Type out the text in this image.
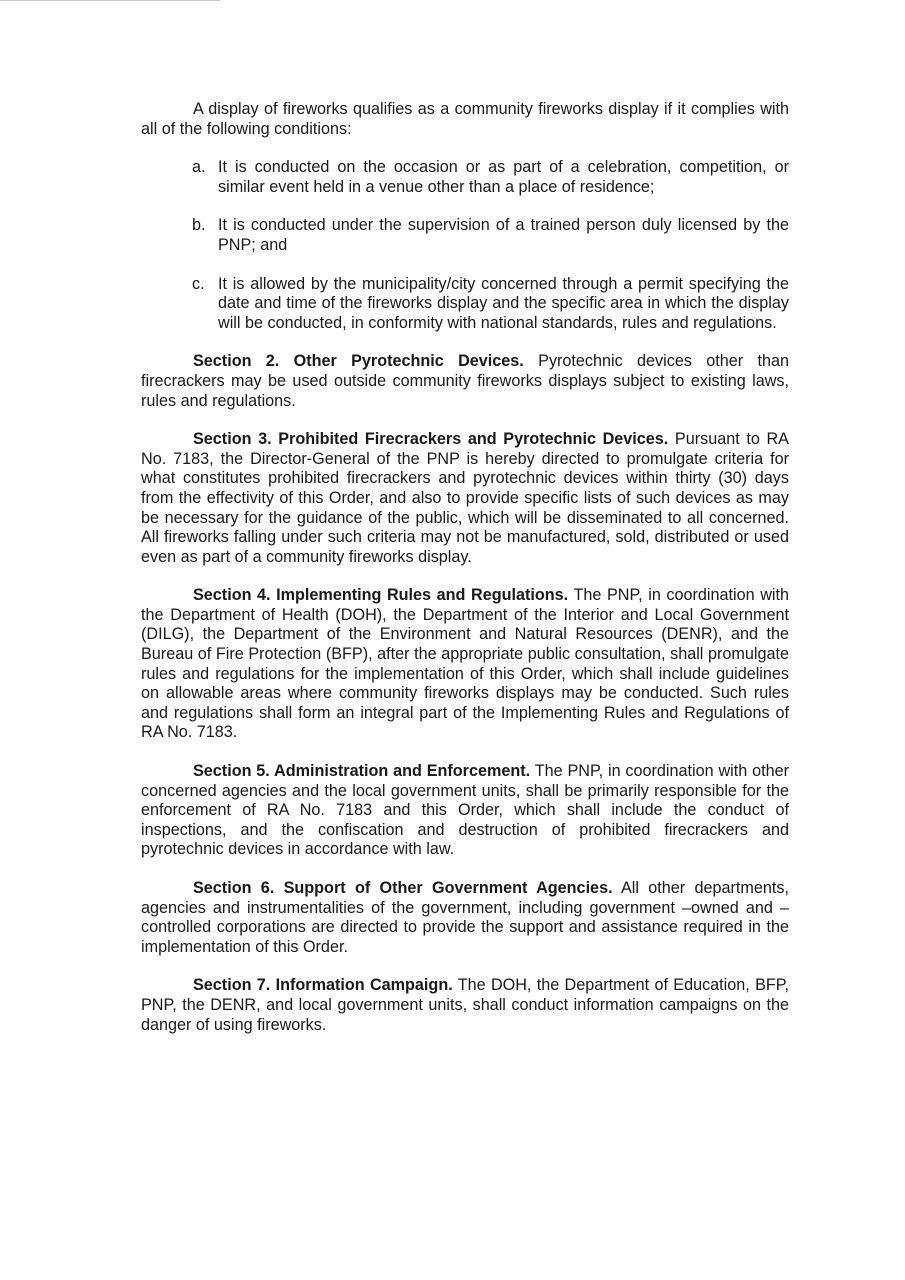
A display of fireworks qualifies as a community fireworks display if it complies with all of the following conditions:

a. It is conducted on the occasion or as part of a celebration, competition, or similar event held in a venue other than a place of residence;
b. It is conducted under the supervision of a trained person duly licensed by the PNP; and
c. It is allowed by the municipality/city concerned through a permit specifying the date and time of the fireworks display and the specific area in which the display will be conducted, in conformity with national standards, rules and regulations.

Section 2. Other Pyrotechnic Devices. Pyrotechnic devices other than firecrackers may be used outside community fireworks displays subject to existing laws, rules and regulations.

Section 3. Prohibited Firecrackers and Pyrotechnic Devices. Pursuant to RA No. 7183, the Director-General of the PNP is hereby directed to promulgate criteria for what constitutes prohibited firecrackers and pyrotechnic devices within thirty (30) days from the effectivity of this Order, and also to provide specific lists of such devices as may be necessary for the guidance of the public, which will be disseminated to all concerned. All fireworks falling under such criteria may not be manufactured, sold, distributed or used even as part of a community fireworks display.

Section 4. Implementing Rules and Regulations. The PNP, in coordination with the Department of Health (DOH), the Department of the Interior and Local Government (DILG), the Department of the Environment and Natural Resources (DENR), and the Bureau of Fire Protection (BFP), after the appropriate public consultation, shall promulgate rules and regulations for the implementation of this Order, which shall include guidelines on allowable areas where community fireworks displays may be conducted. Such rules and regulations shall form an integral part of the Implementing Rules and Regulations of RA No. 7183.

Section 5. Administration and Enforcement. The PNP, in coordination with other concerned agencies and the local government units, shall be primarily responsible for the enforcement of RA No. 7183 and this Order, which shall include the conduct of inspections, and the confiscation and destruction of prohibited firecrackers and pyrotechnic devices in accordance with law.

Section 6. Support of Other Government Agencies. All other departments, agencies and instrumentalities of the government, including government –owned and –controlled corporations are directed to provide the support and assistance required in the implementation of this Order.

Section 7. Information Campaign. The DOH, the Department of Education, BFP, PNP, the DENR, and local government units, shall conduct information campaigns on the danger of using fireworks.
